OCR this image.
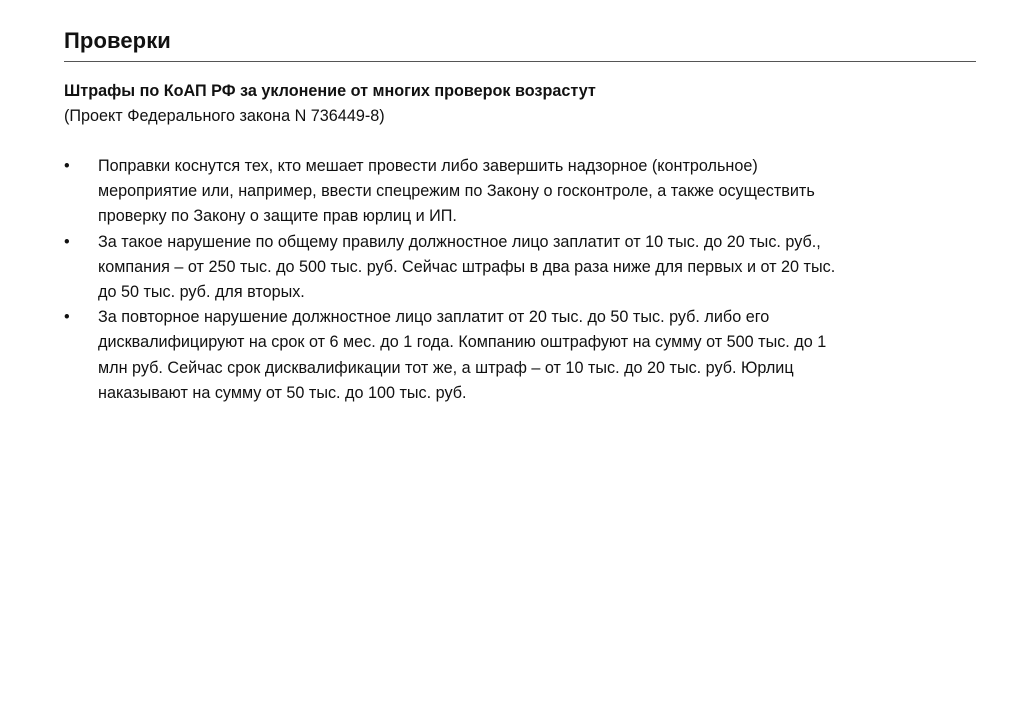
Проверки
Штрафы по КоАП РФ за уклонение от многих проверок возрастут
(Проект Федерального закона N 736449-8)
•	Поправки коснутся тех, кто мешает провести либо завершить надзорное (контрольное)
мероприятие или, например, ввести спецрежим по Закону о госконтроле, а также осуществить
проверку по Закону о защите прав юрлиц и ИП.
•	За такое нарушение по общему правилу должностное лицо заплатит от 10 тыс. до 20 тыс. руб.,
компания – от 250 тыс. до 500 тыс. руб. Сейчас штрафы в два раза ниже для первых и от 20 тыс.
до 50 тыс. руб. для вторых.
•	За повторное нарушение должностное лицо заплатит от 20 тыс. до 50 тыс. руб. либо его
дисквалифицируют на срок от 6 мес. до 1 года. Компанию оштрафуют на сумму от 500 тыс. до 1
млн руб. Сейчас срок дисквалификации тот же, а штраф – от 10 тыс. до 20 тыс. руб. Юрлиц
наказывают на сумму от 50 тыс. до 100 тыс. руб.
